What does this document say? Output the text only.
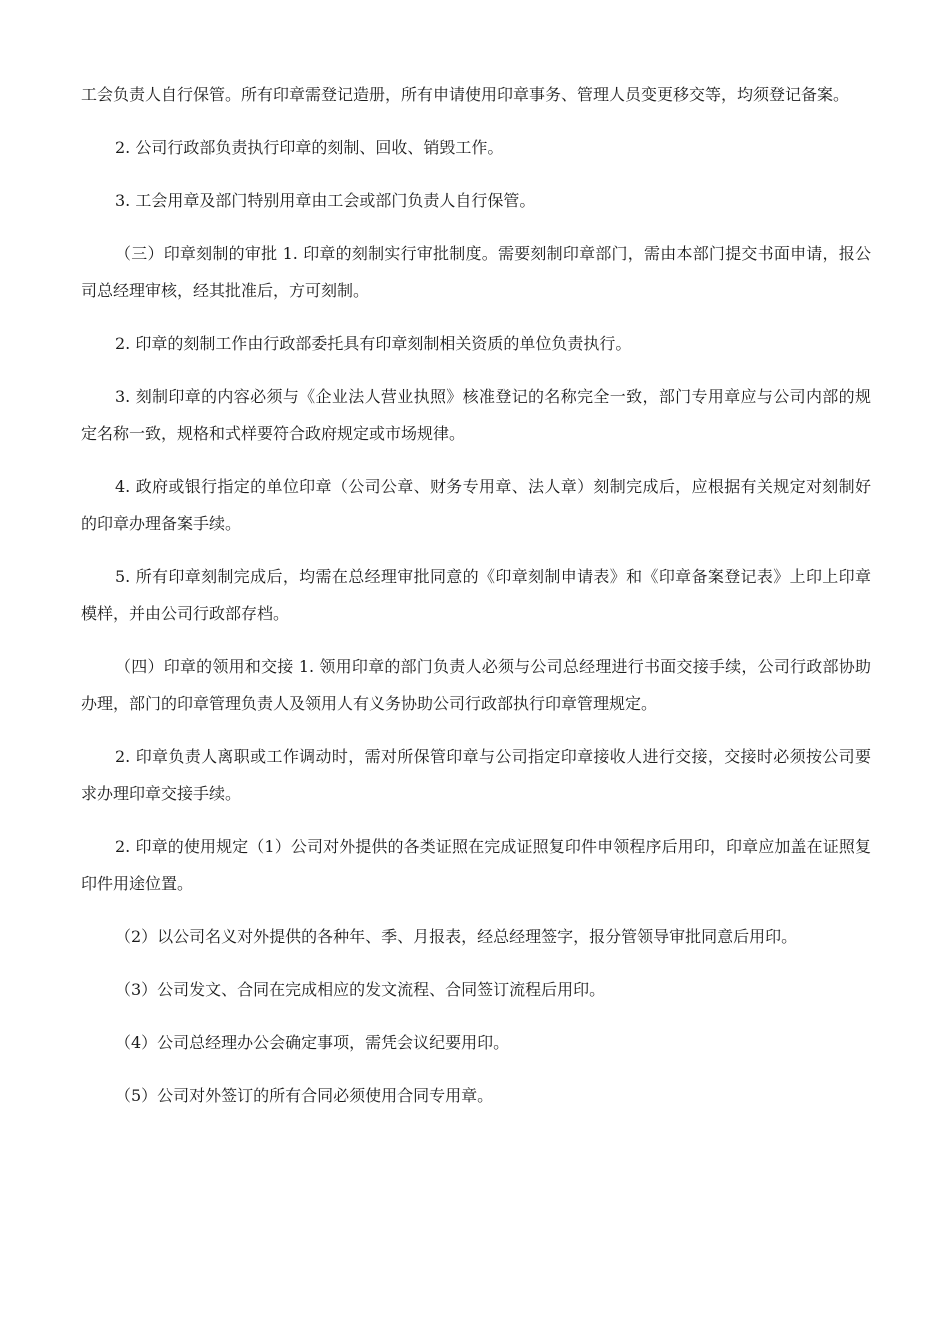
工会负责人自行保管。所有印章需登记造册，所有申请使用印章事务、管理人员变更移交等，均须登记备案。

2. 公司行政部负责执行印章的刻制、回收、销毁工作。

3. 工会用章及部门特别用章由工会或部门负责人自行保管。

（三）印章刻制的审批 1. 印章的刻制实行审批制度。需要刻制印章部门，需由本部门提交书面申请，报公司总经理审核，经其批准后，方可刻制。

2. 印章的刻制工作由行政部委托具有印章刻制相关资质的单位负责执行。

3. 刻制印章的内容必须与《企业法人营业执照》核准登记的名称完全一致，部门专用章应与公司内部的规定名称一致，规格和式样要符合政府规定或市场规律。

4. 政府或银行指定的单位印章（公司公章、财务专用章、法人章）刻制完成后，应根据有关规定对刻制好的印章办理备案手续。

5. 所有印章刻制完成后，均需在总经理审批同意的《印章刻制申请表》和《印章备案登记表》上印上印章模样，并由公司行政部存档。

（四）印章的领用和交接 1. 领用印章的部门负责人必须与公司总经理进行书面交接手续，公司行政部协助办理，部门的印章管理负责人及领用人有义务协助公司行政部执行印章管理规定。

2. 印章负责人离职或工作调动时，需对所保管印章与公司指定印章接收人进行交接，交接时必须按公司要求办理印章交接手续。

2. 印章的使用规定（1）公司对外提供的各类证照在完成证照复印件申领程序后用印，印章应加盖在证照复印件用途位置。

（2）以公司名义对外提供的各种年、季、月报表，经总经理签字，报分管领导审批同意后用印。

（3）公司发文、合同在完成相应的发文流程、合同签订流程后用印。

（4）公司总经理办公会确定事项，需凭会议纪要用印。

（5）公司对外签订的所有合同必须使用合同专用章。
